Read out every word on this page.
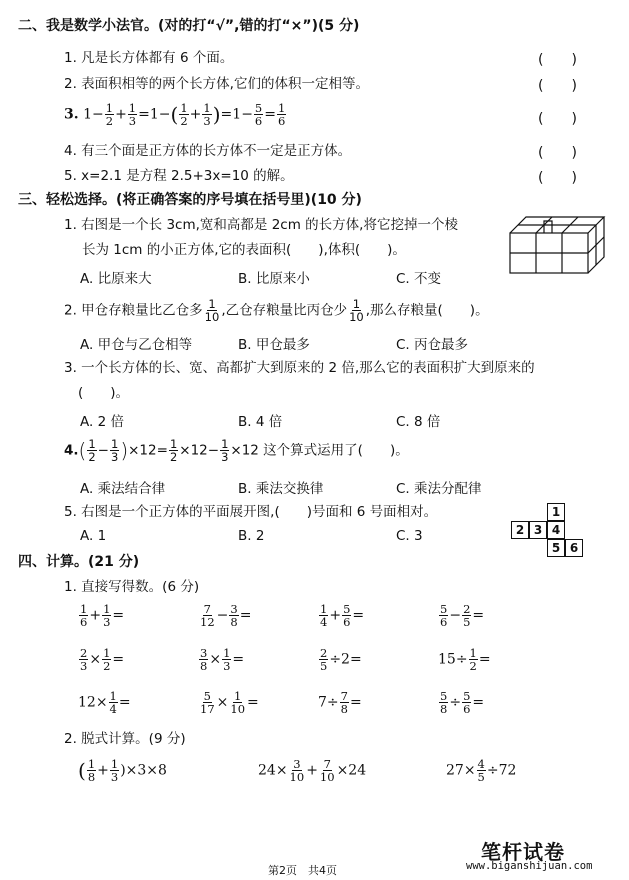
二、我是数学小法官。(对的打“√”,错的打“×”)(5 分)
1. 凡是长方体都有 6 个面。	(　　)
2. 表面积相等的两个长方体,它们的体积一定相等。	(　　)
3. $1- \frac{1}{2} + \frac{1}{3} =1-( \frac{1}{2} + \frac{1}{3} )=1- \frac{5}{6} = \frac{1}{6}$	(　　)
4. 有三个面是正方体的长方体不一定是正方体。	(　　)
5. x=2.1 是方程 2.5+3x=10 的解。	(　　)
三、轻松选择。(将正确答案的序号填在括号里)(10 分)
1. 右图是一个长 3cm,宽和高都是 2cm 的长方体,将它挖掉一个棱
长为 1cm 的小正方体,它的表面积(　　),体积(　　)。
A. 比原来大	B. 比原来小	C. 不变
2. 甲仓存粮量比乙仓多 $\frac{1}{10}$ ,乙仓存粮量比丙仓少 $\frac{1}{10}$ ,那么存粮量(　　)。
A. 甲仓与乙仓相等	B. 甲仓最多	C. 丙仓最多
3. 一个长方体的长、宽、高都扩大到原来的 2 倍,那么它的表面积扩大到原来的
(　　)。
A. 2 倍	B. 4 倍	C. 8 倍
$4.( \frac{1}{2} - \frac{1}{3} )\times 12= \frac{1}{2} \times 12- \frac{1}{3} \times 12$ 这个算式运用了(　　)。
A. 乘法结合律	B. 乘法交换律	C. 乘法分配律
5. 右图是一个正方体的平面展开图,(　　)号面和 6 号面相对。
A. 1	B. 2	C. 3
1
2 3 4
5 6
四、计算。(21 分)
1. 直接写得数。(6 分)
$\frac{1}{6} + \frac{1}{3}$ =	$\frac{7}{12} - \frac{3}{8}$ =	$\frac{1}{4} + \frac{5}{6}$ =	$\frac{5}{6} - \frac{2}{5}$ =
$\frac{2}{3} \times \frac{1}{2}$ =	$\frac{3}{8} \times \frac{1}{3}$ =	$\frac{2}{5} \div 2=$	$15\div \frac{1}{2}$ =
$12\times \frac{1}{4}$ =	$\frac{5}{17} \times \frac{1}{10}$ =	$7\div \frac{7}{8}$ =	$\frac{5}{8} \div \frac{5}{6}$ =
2. 脱式计算。(9 分)
( $\frac{1}{8} + \frac{1}{3} )\times 3\times 8$	$24\times \frac{3}{10} + \frac{7}{10} \times 24$	$27\times \frac{4}{5} \div 72$
笔杆试卷
www.biganshijuan.com
第2页　共4页
